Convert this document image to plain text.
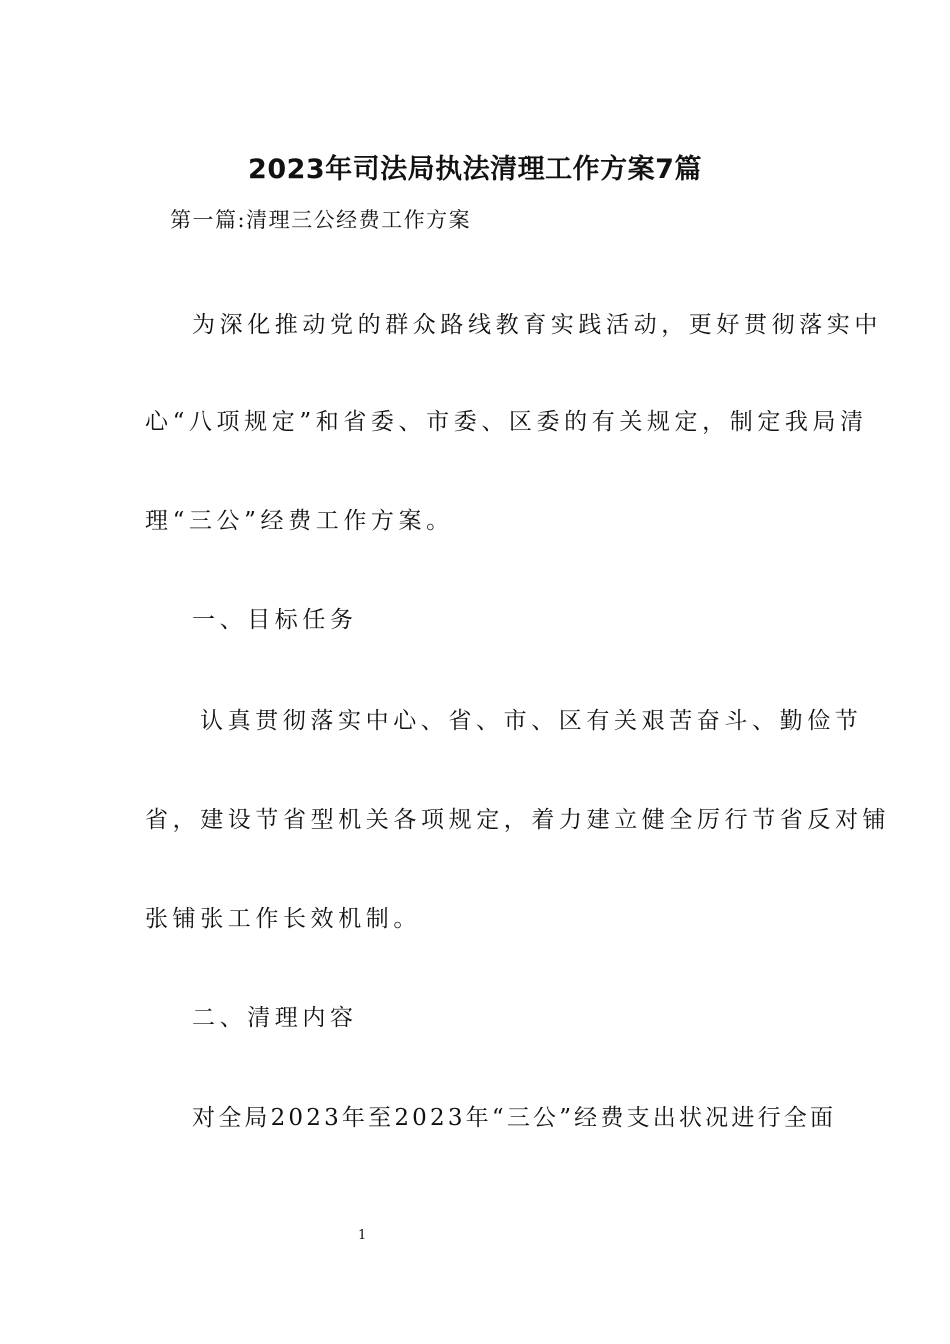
2023年司法局执法清理工作方案7篇
第一篇:清理三公经费工作方案
为深化推动党的群众路线教育实践活动，更好贯彻落实中
心“八项规定”和省委、市委、区委的有关规定，制定我局清
理“三公”经费工作方案。
一、目标任务
认真贯彻落实中心、省、市、区有关艰苦奋斗、勤俭节
省，建设节省型机关各项规定，着力建立健全厉行节省反对铺
张铺张工作长效机制。
二、清理内容
对全局2023年至2023年“三公”经费支出状况进行全面
1
